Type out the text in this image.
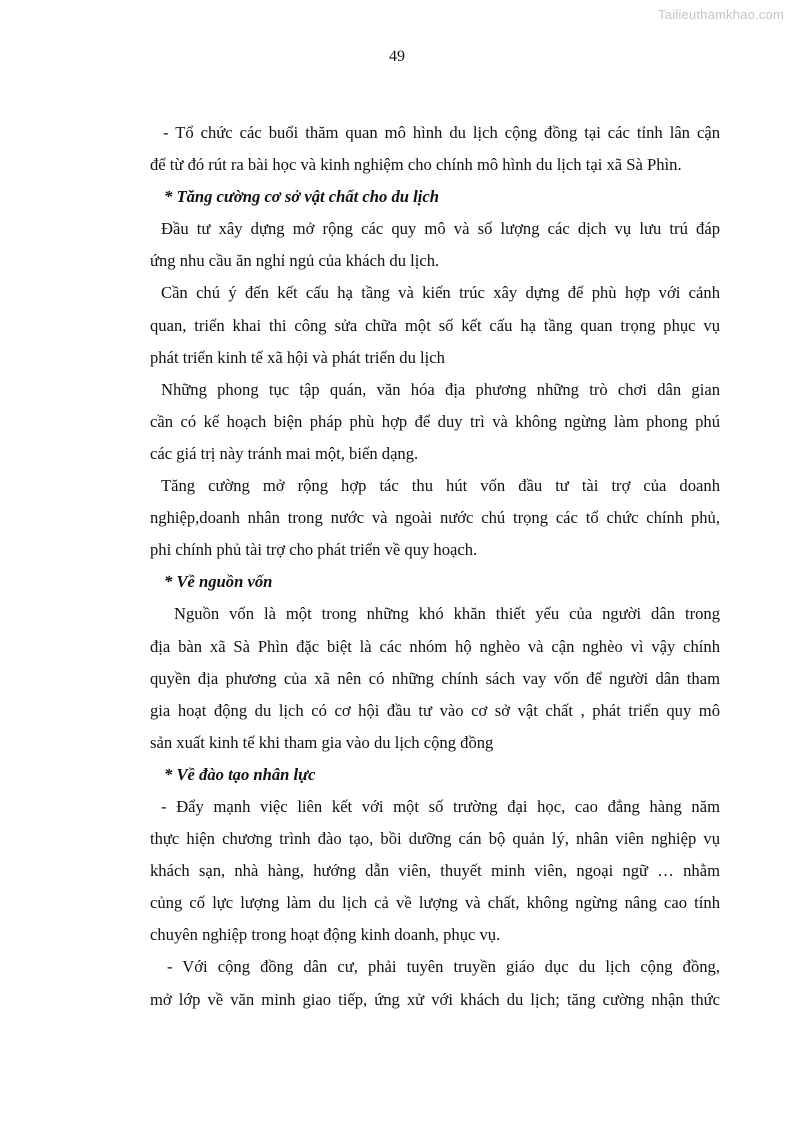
Tailieuthamkhao.com
49
- Tổ chức các buổi thăm quan mô hình du lịch cộng đồng tại các tỉnh lân cận
để từ đó rút ra bài học và kinh nghiệm cho chính mô hình du lịch tại xã Sà Phìn.
* Tăng cường cơ sở vật chất cho du lịch
Đầu tư xây dựng mở rộng các quy mô và số lượng các dịch vụ lưu trú đáp
ứng nhu cầu ăn nghỉ ngủ của khách du lịch.
Cần chú ý đến kết cấu hạ tầng và kiến trúc xây dựng để phù hợp với cảnh
quan, triển khai thi công sửa chữa một số kết cấu hạ tầng quan trọng phục vụ
phát triển kinh tế xã hội và phát triển du lịch
Những phong tục tập quán, văn hóa địa phương những trò chơi dân gian
cần có kế hoạch biện pháp phù hợp để duy trì và không ngừng làm phong phú
các giá trị này tránh mai một, biến dạng.
Tăng cường mở rộng hợp tác thu hút vốn đầu tư tài trợ của doanh
nghiệp,doanh nhân trong nước và ngoài nước chú trọng các tổ chức chính phủ,
phi chính phủ tài trợ cho phát triển về quy hoạch.
* Về nguồn vốn
Nguồn vốn là một trong những khó khăn thiết yếu của người dân trong
địa bàn xã Sà Phìn đặc biệt là các nhóm hộ nghèo và cận nghèo vì vậy chính
quyền địa phương của xã nên có những chính sách vay vốn để người dân tham
gia hoạt động du lịch có cơ hội đầu tư vào cơ sở vật chất , phát triển quy mô
sản xuất kinh tế khi tham gia vào du lịch cộng đồng
* Về đào tạo nhân lực
- Đẩy mạnh việc liên kết với một số trường đại học, cao đẳng hàng năm
thực hiện chương trình đào tạo, bồi dưỡng cán bộ quản lý, nhân viên nghiệp vụ
khách sạn, nhà hàng, hướng dẫn viên, thuyết minh viên, ngoại ngữ … nhằm
củng cố lực lượng làm du lịch cả về lượng và chất, không ngừng nâng cao tính
chuyên nghiệp trong hoạt động kinh doanh, phục vụ.
- Với cộng đồng dân cư, phải tuyên truyền giáo dục du lịch cộng đồng,
mở lớp về văn minh giao tiếp, ứng xử với khách du lịch; tăng cường nhận thức
